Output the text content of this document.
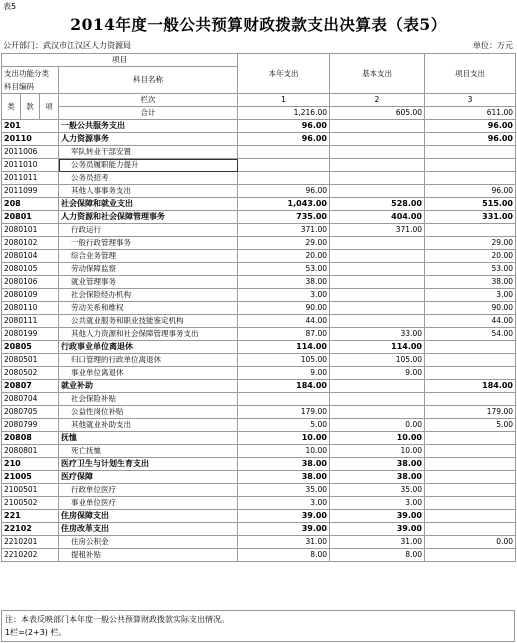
表5
2014年度一般公共预算财政拨款支出决算表（表5）
公开部门：武汉市江汉区人力资源局	单位：万元
项目				本年支出	基本支出	项目支出
支出功能分类科目编码			科目名称			

类	款	项	栏次	1	2	3
			合计	1,216.00	605.00	611.00
201			一般公共服务支出	96.00		96.00
20110			人力资源事务	96.00		96.00
2011006			军队转业干部安置			
2011010			公务员履职能力提升			
2011011			公务员招考			
2011099			其他人事事务支出	96.00		96.00
208			社会保障和就业支出	1,043.00	528.00	515.00
20801			人力资源和社会保障管理事务	735.00	404.00	331.00
2080101			行政运行	371.00	371.00	
2080102			一般行政管理事务	29.00		29.00
2080104			综合业务管理	20.00		20.00
2080105			劳动保障监察	53.00		53.00
2080106			就业管理事务	38.00		38.00
2080109			社会保险经办机构	3.00		3.00
2080110			劳动关系和维权	90.00		90.00
2080111			公共就业服务和职业技能鉴定机构	44.00		44.00
2080199			其他人力资源和社会保障管理事务支出	87.00	33.00	54.00
20805			行政事业单位离退休	114.00	114.00	
2080501			归口管理的行政单位离退休	105.00	105.00	
2080502			事业单位离退休	9.00	9.00	
20807			就业补助	184.00		184.00
2080704			社会保险补贴			
2080705			公益性岗位补贴	179.00		179.00
2080799			其他就业补助支出	5.00	0.00	5.00
20808			抚恤	10.00	10.00	
2080801			死亡抚恤	10.00	10.00	
210			医疗卫生与计划生育支出	38.00	38.00	
21005			医疗保障	38.00	38.00	
2100501			行政单位医疗	35.00	35.00	
2100502			事业单位医疗	3.00	3.00	
221			住房保障支出	39.00	39.00	
22102			住房改革支出	39.00	39.00	
2210201			住房公积金	31.00	31.00	0.00
2210202			提租补贴	8.00	8.00	
注：本表反映部门本年度一般公共预算财政拨款实际支出情况。
1栏=(2+3) 栏。
